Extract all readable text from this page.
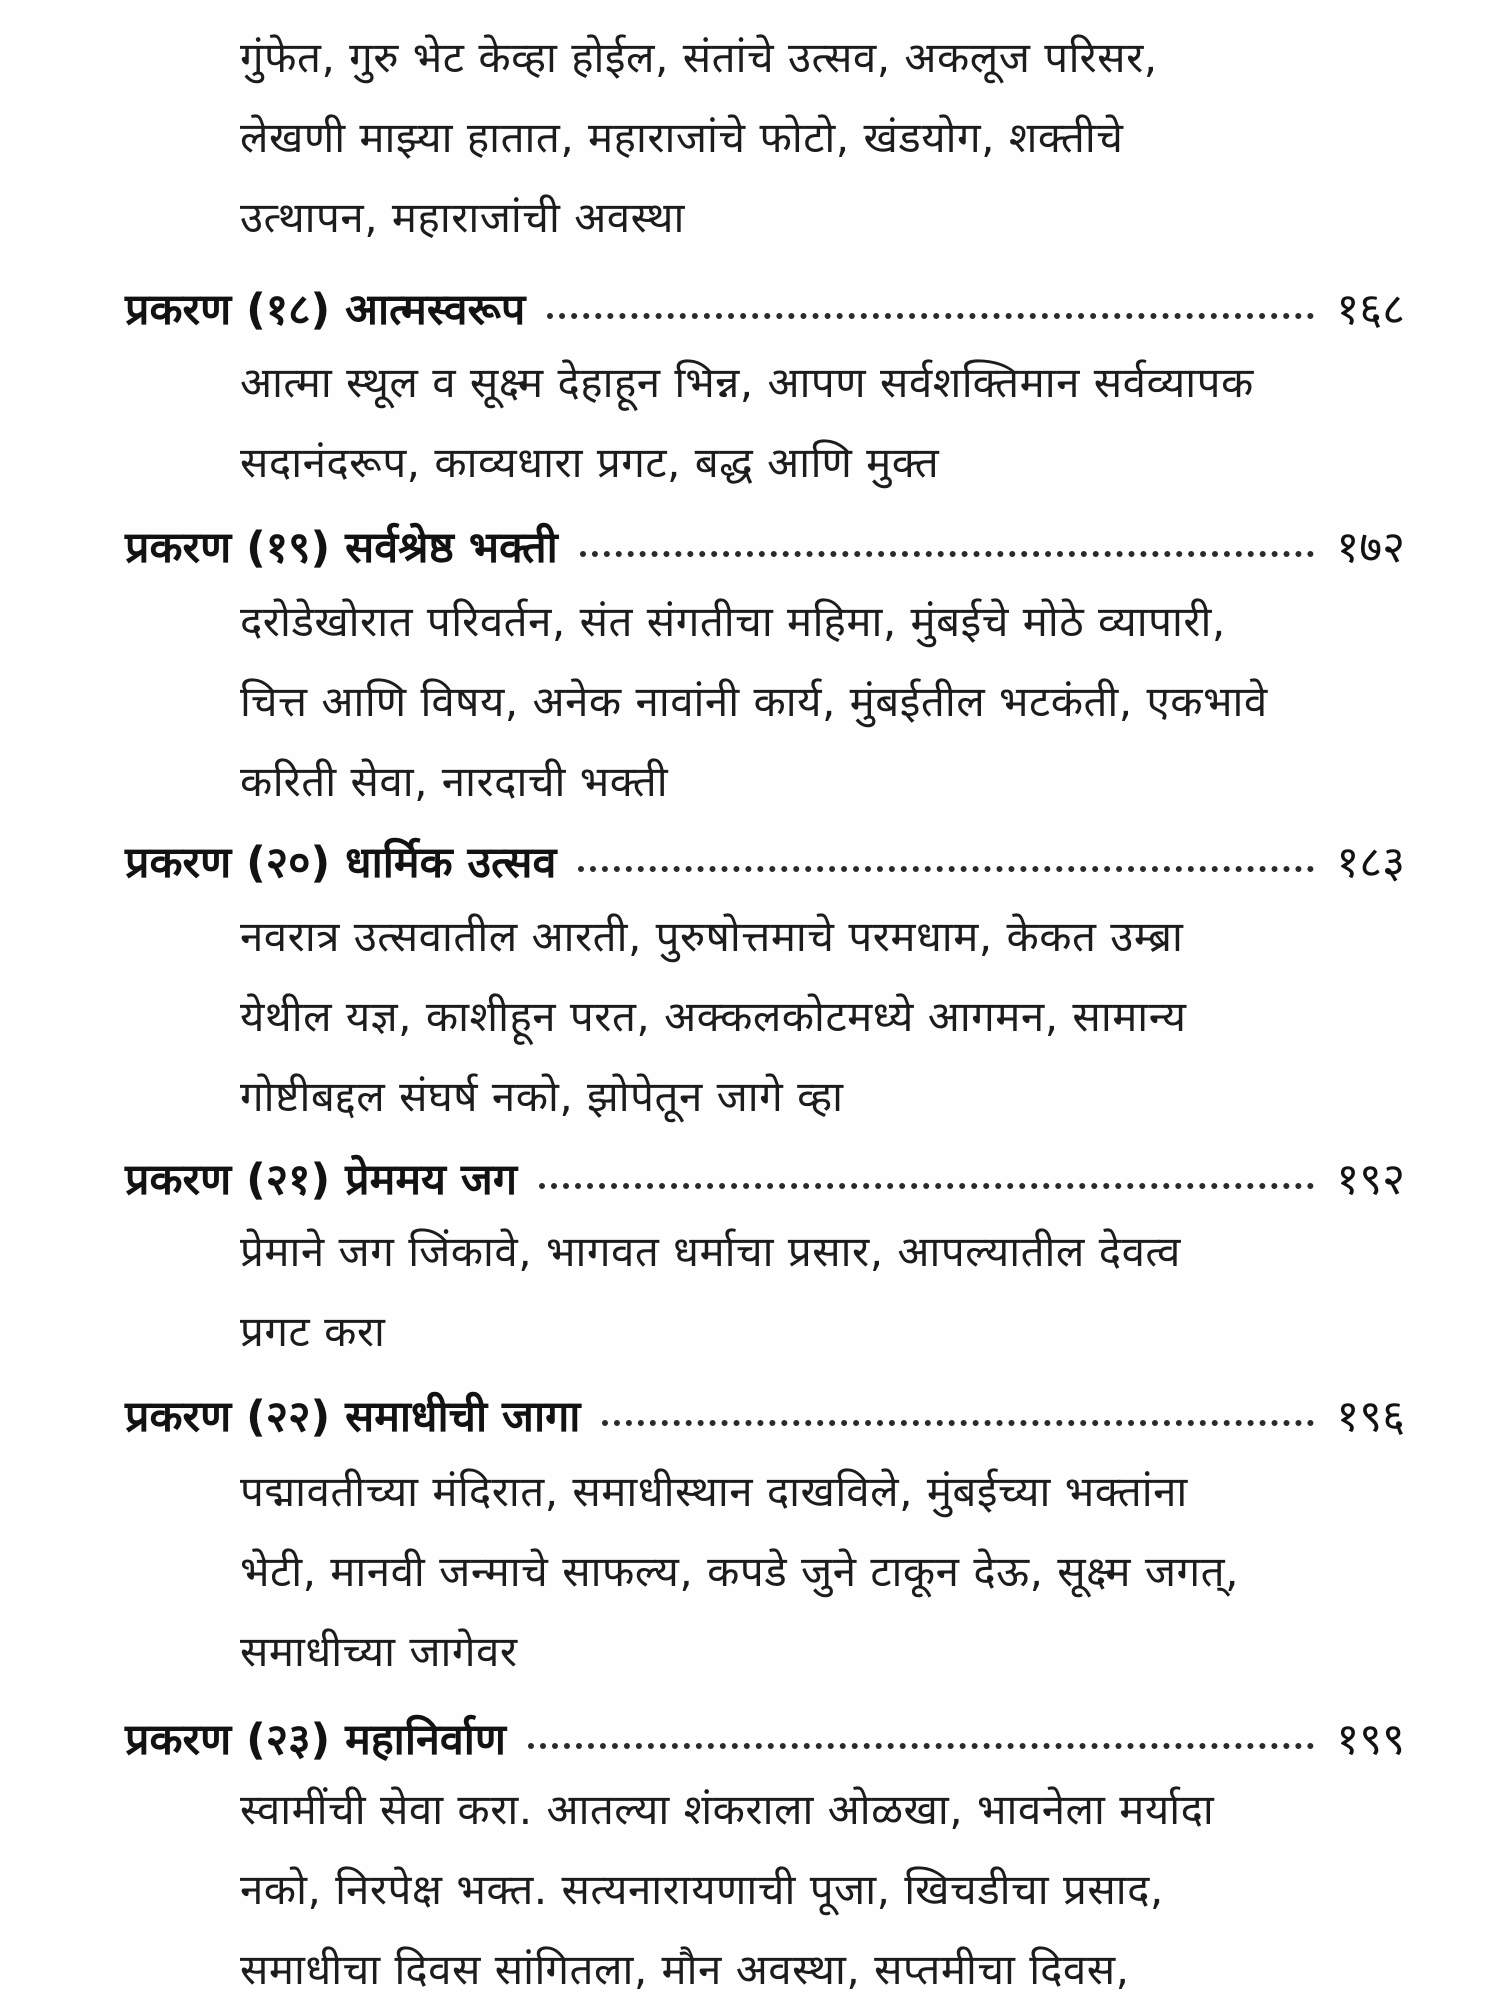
गुंफेत, गुरु भेट केव्हा होईल, संतांचे उत्सव, अकलूज परिसर,
लेखणी माझ्या हातात, महाराजांचे फोटो, खंडयोग, शक्तीचे
उत्थापन, महाराजांची अवस्था
प्रकरण (१८) आत्मस्वरूप	१६८
आत्मा स्थूल व सूक्ष्म देहाहून भिन्न, आपण सर्वशक्तिमान सर्वव्यापक
सदानंदरूप, काव्यधारा प्रगट, बद्ध आणि मुक्त
प्रकरण (१९) सर्वश्रेष्ठ भक्ती	१७२
दरोडेखोरात परिवर्तन, संत संगतीचा महिमा, मुंबईचे मोठे व्यापारी,
चित्त आणि विषय, अनेक नावांनी कार्य, मुंबईतील भटकंती, एकभावे
करिती सेवा, नारदाची भक्ती
प्रकरण (२०) धार्मिक उत्सव	१८३
नवरात्र उत्सवातील आरती, पुरुषोत्तमाचे परमधाम, केकत उम्ब्रा
येथील यज्ञ, काशीहून परत, अक्कलकोटमध्ये आगमन, सामान्य
गोष्टीबद्दल संघर्ष नको, झोपेतून जागे व्हा
प्रकरण (२१) प्रेममय जग	१९२
प्रेमाने जग जिंकावे, भागवत धर्माचा प्रसार, आपल्यातील देवत्व
प्रगट करा
प्रकरण (२२) समाधीची जागा	१९६
पद्मावतीच्या मंदिरात, समाधीस्थान दाखविले, मुंबईच्या भक्तांना
भेटी, मानवी जन्माचे साफल्य, कपडे जुने टाकून देऊ, सूक्ष्म जगत्,
समाधीच्या जागेवर
प्रकरण (२३) महानिर्वाण	१९९
स्वामींची सेवा करा. आतल्या शंकराला ओळखा, भावनेला मर्यादा
नको, निरपेक्ष भक्त. सत्यनारायणाची पूजा, खिचडीचा प्रसाद,
समाधीचा दिवस सांगितला, मौन अवस्था, सप्तमीचा दिवस,
